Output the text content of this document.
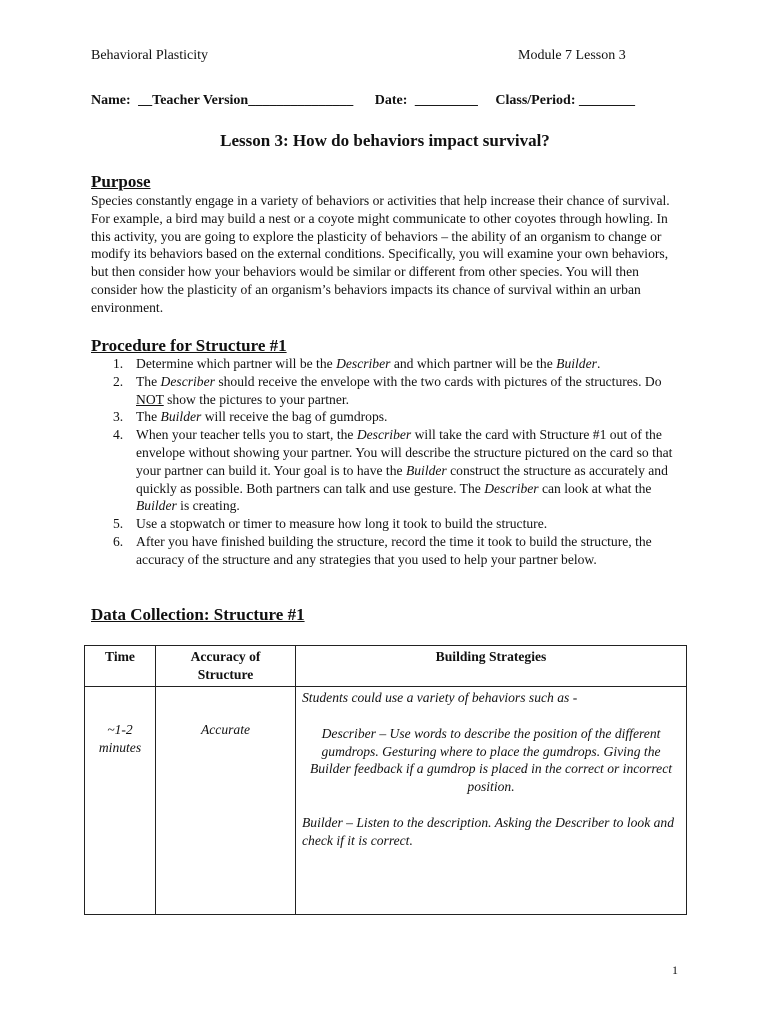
Behavioral Plasticity	Module 7 Lesson 3
Name: __Teacher Version_______________ Date: _________ Class/Period: ________
Lesson 3: How do behaviors impact survival?
Purpose
Species constantly engage in a variety of behaviors or activities that help increase their chance of survival. For example, a bird may build a nest or a coyote might communicate to other coyotes through howling. In this activity, you are going to explore the plasticity of behaviors – the ability of an organism to change or modify its behaviors based on the external conditions. Specifically, you will examine your own behaviors, but then consider how your behaviors would be similar or different from other species. You will then consider how the plasticity of an organism’s behaviors impacts its chance of survival within an urban environment.
Procedure for Structure #1
1. Determine which partner will be the Describer and which partner will be the Builder.
2. The Describer should receive the envelope with the two cards with pictures of the structures. Do NOT show the pictures to your partner.
3. The Builder will receive the bag of gumdrops.
4. When your teacher tells you to start, the Describer will take the card with Structure #1 out of the envelope without showing your partner. You will describe the structure pictured on the card so that your partner can build it. Your goal is to have the Builder construct the structure as accurately and quickly as possible. Both partners can talk and use gesture. The Describer can look at what the Builder is creating.
5. Use a stopwatch or timer to measure how long it took to build the structure.
6. After you have finished building the structure, record the time it took to build the structure, the accuracy of the structure and any strategies that you used to help your partner below.
Data Collection: Structure #1
Time	Accuracy of Structure	Building Strategies

~1-2 minutes	Accurate	Students could use a variety of behaviors such as -

Describer – Use words to describe the position of the different gumdrops. Gesturing where to place the gumdrops. Giving the Builder feedback if a gumdrop is placed in the correct or incorrect position.

Builder – Listen to the description. Asking the Describer to look and check if it is correct.

1
